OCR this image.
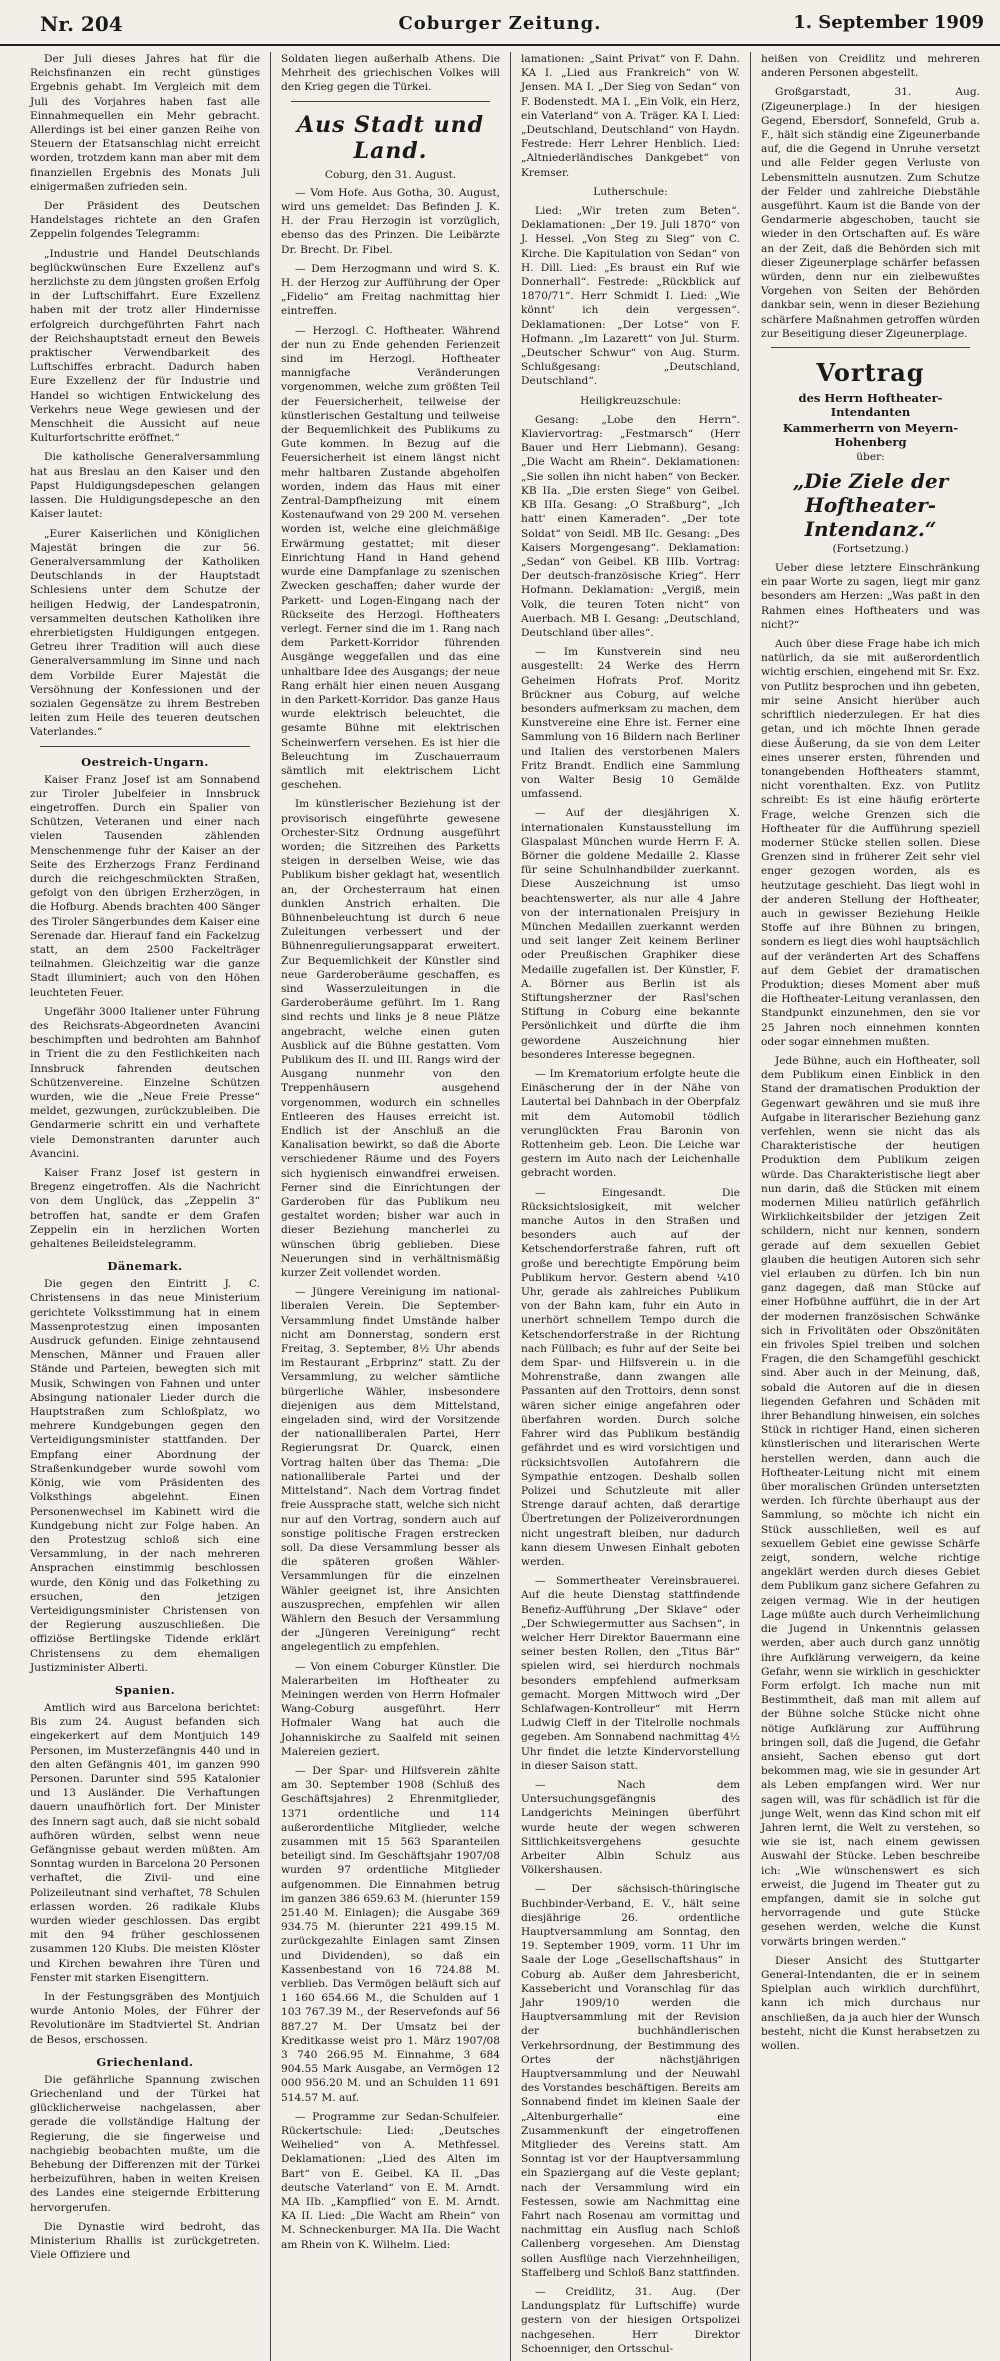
Nr. 204	Coburger Zeitung.	1. September 1909

Der Juli dieses Jahres hat für die Reichsfinanzen ein recht günstiges Ergebnis gehabt. Im Vergleich mit dem Juli des Vorjahres haben fast alle Einnahmequellen ein Mehr gebracht. Allerdings ist bei einer ganzen Reihe von Steuern der Etatsanschlag nicht erreicht worden, trotzdem kann man aber mit dem finanziellen Ergebnis des Monats Juli einigermaßen zufrieden sein.

Der Präsident des Deutschen Handelstages richtete an den Grafen Zeppelin folgendes Telegramm:

„Industrie und Handel Deutschlands beglückwünschen Eure Exzellenz auf's herzlichste zu dem jüngsten großen Erfolg in der Luftschiffahrt. Eure Exzellenz haben mit der trotz aller Hindernisse erfolgreich durchgeführten Fahrt nach der Reichshauptstadt erneut den Beweis praktischer Verwendbarkeit des Luftschiffes erbracht. Dadurch haben Eure Exzellenz der für Industrie und Handel so wichtigen Entwickelung des Verkehrs neue Wege gewiesen und der Menschheit die Aussicht auf neue Kulturfortschritte eröffnet.“

Die katholische Generalversammlung hat aus Breslau an den Kaiser und den Papst Huldigungsdepeschen gelangen lassen. Die Huldigungsdepesche an den Kaiser lautet:

„Eurer Kaiserlichen und Königlichen Majestät bringen die zur 56. Generalversammlung der Katholiken Deutschlands in der Hauptstadt Schlesiens unter dem Schutze der heiligen Hedwig, der Landespatronin, versammelten deutschen Katholiken ihre ehrerbietigsten Huldigungen entgegen. Getreu ihrer Tradition will auch diese Generalversammlung im Sinne und nach dem Vorbilde Eurer Majestät die Versöhnung der Konfessionen und der sozialen Gegensätze zu ihrem Bestreben leiten zum Heile des teueren deutschen Vaterlandes.“

Oestreich-Ungarn.

Kaiser Franz Josef ist am Sonnabend zur Tiroler Jubelfeier in Innsbruck eingetroffen. Durch ein Spalier von Schützen, Veteranen und einer nach vielen Tausenden zählenden Menschenmenge fuhr der Kaiser an der Seite des Erzherzogs Franz Ferdinand durch die reichgeschmückten Straßen, gefolgt von den übrigen Erzherzögen, in die Hofburg. Abends brachten 400 Sänger des Tiroler Sängerbundes dem Kaiser eine Serenade dar. Hierauf fand ein Fackelzug statt, an dem 2500 Fackelträger teilnahmen. Gleichzeitig war die ganze Stadt illuminiert; auch von den Höhen leuchteten Feuer.

Ungefähr 3000 Italiener unter Führung des Reichsrats-Abgeordneten Avancini beschimpften und bedrohten am Bahnhof in Trient die zu den Festlichkeiten nach Innsbruck fahrenden deutschen Schützenvereine. Einzelne Schützen wurden, wie die „Neue Freie Presse“ meldet, gezwungen, zurückzubleiben. Die Gendarmerie schritt ein und verhaftete viele Demonstranten darunter auch Avancini.

Kaiser Franz Josef ist gestern in Bregenz eingetroffen. Als die Nachricht von dem Unglück, das „Zeppelin 3“ betroffen hat, sandte er dem Grafen Zeppelin ein in herzlichen Worten gehaltenes Beileidstelegramm.

Dänemark.

Die gegen den Eintritt J. C. Christensens in das neue Ministerium gerichtete Volksstimmung hat in einem Massenprotestzug einen imposanten Ausdruck gefunden. Einige zehntausend Menschen, Männer und Frauen aller Stände und Parteien, bewegten sich mit Musik, Schwingen von Fahnen und unter Absingung nationaler Lieder durch die Hauptstraßen zum Schloßplatz, wo mehrere Kundgebungen gegen den Verteidigungsminister stattfanden. Der Empfang einer Abordnung der Straßenkundgeber wurde sowohl vom König, wie vom Präsidenten des Volksthings abgelehnt. Einen Personenwechsel im Kabinett wird die Kundgebung nicht zur Folge haben. An den Protestzug schloß sich eine Versammlung, in der nach mehreren Ansprachen einstimmig beschlossen wurde, den König und das Folkething zu ersuchen, den jetzigen Verteidigungsminister Christensen von der Regierung auszuschließen. Die offiziöse Bertlingske Tidende erklärt Christensens zu dem ehemaligen Justizminister Alberti.

Spanien.

Amtlich wird aus Barcelona berichtet: Bis zum 24. August befanden sich eingekerkert auf dem Montjuich 149 Personen, im Musterzefängnis 440 und in den alten Gefängnis 401, im ganzen 990 Personen. Darunter sind 595 Katalonier und 13 Ausländer. Die Verhaftungen dauern unaufhörlich fort. Der Minister des Innern sagt auch, daß sie nicht sobald aufhören würden, selbst wenn neue Gefängnisse gebaut werden müßten. Am Sonntag wurden in Barcelona 20 Personen verhaftet, die Zivil- und eine Polizeileutnant sind verhaftet, 78 Schulen erlassen worden. 26 radikale Klubs wurden wieder geschlossen. Das ergibt mit den 94 früher geschlossenen zusammen 120 Klubs. Die meisten Klöster und Kirchen bewahren ihre Türen und Fenster mit starken Eisengittern.

In der Festungsgräben des Montjuich wurde Antonio Moles, der Führer der Revolutionäre im Stadtviertel St. Andrian de Besos, erschossen.

Griechenland.

Die gefährliche Spannung zwischen Griechenland und der Türkei hat glücklicherweise nachgelassen, aber gerade die vollständige Haltung der Regierung, die sie fingerweise und nachgiebig beobachten mußte, um die Behebung der Differenzen mit der Türkei herbeizuführen, haben in weiten Kreisen des Landes eine steigernde Erbitterung hervorgerufen.

Die Dynastie wird bedroht, das Ministerium Rhallis ist zurückgetreten. Viele Offiziere und

Soldaten liegen außerhalb Athens. Die Mehrheit des griechischen Volkes will den Krieg gegen die Türkei.

Aus Stadt und Land.

Coburg, den 31. August.

— Vom Hofe. Aus Gotha, 30. August, wird uns gemeldet: Das Befinden J. K. H. der Frau Herzogin ist vorzüglich, ebenso das des Prinzen. Die Leibärzte Dr. Brecht. Dr. Fibel.

— Dem Herzogmann und wird S. K. H. der Herzog zur Aufführung der Oper „Fidelio“ am Freitag nachmittag hier eintreffen.

— Herzogl. C. Hoftheater. Während der nun zu Ende gehenden Ferienzeit sind im Herzogl. Hoftheater mannigfache Veränderungen vorgenommen, welche zum größten Teil der Feuersicherheit, teilweise der künstlerischen Gestaltung und teilweise der Bequemlichkeit des Publikums zu Gute kommen. In Bezug auf die Feuersicherheit ist einem längst nicht mehr haltbaren Zustande abgeholfen worden, indem das Haus mit einer Zentral-Dampfheizung mit einem Kostenaufwand von 29 200 M. versehen worden ist, welche eine gleichmäßige Erwärmung gestattet; mit dieser Einrichtung Hand in Hand gehend wurde eine Dampfanlage zu szenischen Zwecken geschaffen; daher wurde der Parkett- und Logen-Eingang nach der Rückseite des Herzogl. Hoftheaters verlegt. Ferner sind die im 1. Rang nach dem Parkett-Korridor führenden Ausgänge weggefallen und das eine unhaltbare Idee des Ausgangs; der neue Rang erhält hier einen neuen Ausgang in den Parkett-Korridor. Das ganze Haus wurde elektrisch beleuchtet, die gesamte Bühne mit elektrischen Scheinwerfern versehen. Es ist hier die Beleuchtung im Zuschauerraum sämtlich mit elektrischem Licht geschehen.

Im künstlerischer Beziehung ist der provisorisch eingeführte gewesene Orchester-Sitz Ordnung ausgeführt worden; die Sitzreihen des Parketts steigen in derselben Weise, wie das Publikum bisher geklagt hat, wesentlich an, der Orchesterraum hat einen dunklen Anstrich erhalten. Die Bühnenbeleuchtung ist durch 6 neue Zuleitungen verbessert und der Bühnenregulierungsapparat erweitert. Zur Bequemlichkeit der Künstler sind neue Garderoberäume geschaffen, es sind Wasserzuleitungen in die Garderoberäume geführt. Im 1. Rang sind rechts und links je 8 neue Plätze angebracht, welche einen guten Ausblick auf die Bühne gestatten. Vom Publikum des II. und III. Rangs wird der Ausgang nunmehr von den Treppenhäusern ausgehend vorgenommen, wodurch ein schnelles Entleeren des Hauses erreicht ist. Endlich ist der Anschluß an die Kanalisation bewirkt, so daß die Aborte verschiedener Räume und des Foyers sich hygienisch einwandfrei erweisen. Ferner sind die Einrichtungen der Garderoben für das Publikum neu gestaltet worden; bisher war auch in dieser Beziehung mancherlei zu wünschen übrig geblieben. Diese Neuerungen sind in verhältnismäßig kurzer Zeit vollendet worden.

— Jüngere Vereinigung im national-liberalen Verein. Die September-Versammlung findet Umstände halber nicht am Donnerstag, sondern erst Freitag, 3. September, 8½ Uhr abends im Restaurant „Erbprinz“ statt. Zu der Versammlung, zu welcher sämtliche bürgerliche Wähler, insbesondere diejenigen aus dem Mittelstand, eingeladen sind, wird der Vorsitzende der nationalliberalen Partei, Herr Regierungsrat Dr. Quarck, einen Vortrag halten über das Thema: „Die nationalliberale Partei und der Mittelstand“. Nach dem Vortrag findet freie Aussprache statt, welche sich nicht nur auf den Vortrag, sondern auch auf sonstige politische Fragen erstrecken soll. Da diese Versammlung besser als die späteren großen Wähler-Versammlungen für die einzelnen Wähler geeignet ist, ihre Ansichten auszusprechen, empfehlen wir allen Wählern den Besuch der Versammlung der „Jüngeren Vereinigung“ recht angelegentlich zu empfehlen.

— Von einem Coburger Künstler. Die Malerarbeiten im Hoftheater zu Meiningen werden von Herrn Hofmaler Wang-Coburg ausgeführt. Herr Hofmaler Wang hat auch die Johanniskirche zu Saalfeld mit seinen Malereien geziert.

— Der Spar- und Hilfsverein zählte am 30. September 1908 (Schluß des Geschäftsjahres) 2 Ehrenmitglieder, 1371 ordentliche und 114 außerordentliche Mitglieder, welche zusammen mit 15 563 Sparanteilen beteiligt sind. Im Geschäftsjahr 1907/08 wurden 97 ordentliche Mitglieder aufgenommen. Die Einnahmen betrug im ganzen 386 659.63 M. (hierunter 159 251.40 M. Einlagen); die Ausgabe 369 934.75 M. (hierunter 221 499.15 M. zurückgezahlte Einlagen samt Zinsen und Dividenden), so daß ein Kassenbestand von 16 724.88 M. verblieb. Das Vermögen beläuft sich auf 1 160 654.66 M., die Schulden auf 1 103 767.39 M., der Reservefonds auf 56 887.27 M. Der Umsatz bei der Kreditkasse weist pro 1. März 1907/08 3 740 266.95 M. Einnahme, 3 684 904.55 Mark Ausgabe, an Vermögen 12 000 956.20 M. und an Schulden 11 691 514.57 M. auf.

— Programme zur Sedan-Schulfeier. Rückertschule: Lied: „Deutsches Weihelied“ von A. Methfessel. Deklamationen: „Lied des Alten im Bart“ von E. Geibel. KA II. „Das deutsche Vaterland“ von E. M. Arndt. MA IIb. „Kampflied“ von E. M. Arndt. KA II. Lied: „Die Wacht am Rhein“ von M. Schneckenburger. MA IIa. Die Wacht am Rhein von K. Wilhelm. Lied:

lamationen: „Saint Privat“ von F. Dahn. KA I. „Lied aus Frankreich“ von W. Jensen. MA I. „Der Sieg von Sedan“ von F. Bodenstedt. MA I. „Ein Volk, ein Herz, ein Vaterland“ von A. Träger. KA I. Lied: „Deutschland, Deutschland“ von Haydn. Festrede: Herr Lehrer Henblich. Lied: „Altniederländisches Dankgebet“ von Kremser.

Lutherschule:

Lied: „Wir treten zum Beten“. Deklamationen: „Der 19. Juli 1870“ von J. Hessel. „Von Steg zu Sieg“ von C. Kirche. Die Kapitulation von Sedan“ von H. Dill. Lied: „Es braust ein Ruf wie Donnerhall“. Festrede: „Rückblick auf 1870/71“. Herr Schmidt I. Lied: „Wie könnt' ich dein vergessen“. Deklamationen: „Der Lotse“ von F. Hofmann. „Im Lazarett“ von Jul. Sturm. „Deutscher Schwur“ von Aug. Sturm. Schlußgesang: „Deutschland, Deutschland“.

Heiligkreuzschule:

Gesang: „Lobe den Herrn“. Klaviervortrag: „Festmarsch“ (Herr Bauer und Herr Liebmann). Gesang: „Die Wacht am Rhein“. Deklamationen: „Sie sollen ihn nicht haben“ von Becker. KB IIa. „Die ersten Siege“ von Geibel. KB IIIa. Gesang: „O Straßburg“, „Ich hatt' einen Kameraden“. „Der tote Soldat“ von Seidl. MB IIc. Gesang: „Des Kaisers Morgengesang“. Deklamation: „Sedan“ von Geibel. KB IIIb. Vortrag: Der deutsch-französische Krieg“. Herr Hofmann. Deklamation: „Vergiß, mein Volk, die teuren Toten nicht“ von Auerbach. MB I. Gesang: „Deutschland, Deutschland über alles“.

— Im Kunstverein sind neu ausgestellt: 24 Werke des Herrn Geheimen Hofrats Prof. Moritz Brückner aus Coburg, auf welche besonders aufmerksam zu machen, dem Kunstvereine eine Ehre ist. Ferner eine Sammlung von 16 Bildern nach Berliner und Italien des verstorbenen Malers Fritz Brandt. Endlich eine Sammlung von Walter Besig 10 Gemälde umfassend.

— Auf der diesjährigen X. internationalen Kunstausstellung im Glaspalast München wurde Herrn F. A. Börner die goldene Medaille 2. Klasse für seine Schulnhandbilder zuerkannt. Diese Auszeichnung ist umso beachtenswerter, als nur alle 4 Jahre von der internationalen Preisjury in München Medaillen zuerkannt werden und seit langer Zeit keinem Berliner oder Preußischen Graphiker diese Medaille zugefallen ist. Der Künstler, F. A. Börner aus Berlin ist als Stiftungsherzner der Rasl'schen Stiftung in Coburg eine bekannte Persönlichkeit und dürfte die ihm gewordene Auszeichnung hier besonderes Interesse begegnen.

— Im Krematorium erfolgte heute die Einäscherung der in der Nähe von Lautertal bei Dahnbach in der Oberpfalz mit dem Automobil tödlich verunglückten Frau Baronin von Rottenheim geb. Leon. Die Leiche war gestern im Auto nach der Leichenhalle gebracht worden.

— Eingesandt. Die Rücksichtslosigkeit, mit welcher manche Autos in den Straßen und besonders auch auf der Ketschendorferstraße fahren, ruft oft große und berechtigte Empörung beim Publikum hervor. Gestern abend ¼10 Uhr, gerade als zahlreiches Publikum von der Bahn kam, fuhr ein Auto in unerhört schnellem Tempo durch die Ketschendorferstraße in der Richtung nach Füllbach; es fuhr auf der Seite bei dem Spar- und Hilfsverein u. in die Mohrenstraße, dann zwangen alle Passanten auf den Trottoirs, denn sonst wären sicher einige angefahren oder überfahren worden. Durch solche Fahrer wird das Publikum beständig gefährdet und es wird vorsichtigen und rücksichtsvollen Autofahrern die Sympathie entzogen. Deshalb sollen Polizei und Schutzleute mit aller Strenge darauf achten, daß derartige Übertretungen der Polizeiverordnungen nicht ungestraft bleiben, nur dadurch kann diesem Unwesen Einhalt geboten werden.

— Sommertheater Vereinsbrauerei. Auf die heute Dienstag stattfindende Benefiz-Aufführung „Der Sklave“ oder „Der Schwiegermutter aus Sachsen“, in welcher Herr Direktor Bauermann eine seiner besten Rollen, den „Titus Bär“ spielen wird, sei hierdurch nochmals besonders empfehlend aufmerksam gemacht. Morgen Mittwoch wird „Der Schlafwagen-Kontrolleur“ mit Herrn Ludwig Cleff in der Titelrolle nochmals gegeben. Am Sonnabend nachmittag 4½ Uhr findet die letzte Kindervorstellung in dieser Saison statt.

— Nach dem Untersuchungsgefängnis des Landgerichts Meiningen überführt wurde heute der wegen schweren Sittlichkeitsvergehens gesuchte Arbeiter Albin Schulz aus Völkershausen.

— Der sächsisch-thüringische Buchbinder-Verband, E. V., hält seine diesjährige 26. ordentliche Hauptversammlung am Sonntag, den 19. September 1909, vorm. 11 Uhr im Saale der Loge „Gesellschaftshaus“ in Coburg ab. Außer dem Jahresbericht, Kassebericht und Voranschlag für das Jahr 1909/10 werden die Hauptversammlung mit der Revision der buchhändlerischen Verkehrsordnung, der Bestimmung des Ortes der nächstjährigen Hauptversammlung und der Neuwahl des Vorstandes beschäftigen. Bereits am Sonnabend findet im kleinen Saale der „Altenburgerhalle“ eine Zusammenkunft der eingetroffenen Mitglieder des Vereins statt. Am Sonntag ist vor der Hauptversammlung ein Spaziergang auf die Veste geplant; nach der Versammlung wird ein Festessen, sowie am Nachmittag eine Fahrt nach Rosenau am vormittag und nachmittag ein Ausflug nach Schloß Callenberg vorgesehen. Am Dienstag sollen Ausflüge nach Vierzehnheiligen, Staffelberg und Schloß Banz stattfinden.

— Creidlitz, 31. Aug. (Der Landungsplatz für Luftschiffe) wurde gestern von der hiesigen Ortspolizei nachgesehen. Herr Direktor Schoenniger, den Ortsschul-

heißen von Creidlitz und mehreren anderen Personen abgestellt.

Großgarstadt, 31. Aug. (Zigeunerplage.) In der hiesigen Gegend, Ebersdorf, Sonnefeld, Grub a. F., hält sich ständig eine Zigeunerbande auf, die die Gegend in Unruhe versetzt und alle Felder gegen Verluste von Lebensmitteln ausnutzen. Zum Schutze der Felder und zahlreiche Diebstähle ausgeführt. Kaum ist die Bande von der Gendarmerie abgeschoben, taucht sie wieder in den Ortschaften auf. Es wäre an der Zeit, daß die Behörden sich mit dieser Zigeunerplage schärfer befassen würden, denn nur ein zielbewußtes Vorgehen von Seiten der Behörden dankbar sein, wenn in dieser Beziehung schärfere Maßnahmen getroffen würden zur Beseitigung dieser Zigeunerplage.

Vortrag
des Herrn Hoftheater-Intendanten
Kammerherrn von Meyern-Hohenberg
über:
„Die Ziele der Hoftheater-Intendanz.“
(Fortsetzung.)

Ueber diese letztere Einschränkung ein paar Worte zu sagen, liegt mir ganz besonders am Herzen: „Was paßt in den Rahmen eines Hoftheaters und was nicht?“

Auch über diese Frage habe ich mich natürlich, da sie mit außerordentlich wichtig erschien, eingehend mit Sr. Exz. von Putlitz besprochen und ihn gebeten, mir seine Ansicht hierüber auch schriftlich niederzulegen. Er hat dies getan, und ich möchte Ihnen gerade diese Äußerung, da sie von dem Leiter eines unserer ersten, führenden und tonangebenden Hoftheaters stammt, nicht vorenthalten. Exz. von Putlitz schreibt: Es ist eine häufig erörterte Frage, welche Grenzen sich die Hoftheater für die Aufführung speziell moderner Stücke stellen sollen. Diese Grenzen sind in früherer Zeit sehr viel enger gezogen worden, als es heutzutage geschieht. Das liegt wohl in der anderen Stellung der Hoftheater, auch in gewisser Beziehung Heikle Stoffe auf ihre Bühnen zu bringen, sondern es liegt dies wohl hauptsächlich auf der veränderten Art des Schaffens auf dem Gebiet der dramatischen Produktion; dieses Moment aber muß die Hoftheater-Leitung veranlassen, den Standpunkt einzunehmen, den sie vor 25 Jahren noch einnehmen konnten oder sogar einnehmen mußten.

Jede Bühne, auch ein Hoftheater, soll dem Publikum einen Einblick in den Stand der dramatischen Produktion der Gegenwart gewähren und sie muß ihre Aufgabe in literarischer Beziehung ganz verfehlen, wenn sie nicht das als Charakteristische der heutigen Produktion dem Publikum zeigen würde. Das Charakteristische liegt aber nun darin, daß die Stücken mit einem modernen Milieu natürlich gefährlich Wirklichkeitsbilder der jetzigen Zeit schildern, nicht nur kennen, sondern gerade auf dem sexuellen Gebiet glauben die heutigen Autoren sich sehr viel erlauben zu dürfen. Ich bin nun ganz dagegen, daß man Stücke auf einer Hofbühne aufführt, die in der Art der modernen französischen Schwänke sich in Frivolitäten oder Obszönitäten ein frivoles Spiel treiben und solchen Fragen, die den Schamgefühl geschickt sind. Aber auch in der Meinung, daß, sobald die Autoren auf die in diesen liegenden Gefahren und Schäden mit ihrer Behandlung hinweisen, ein solches Stück in richtiger Hand, einen sicheren künstlerischen und literarischen Werte herstellen werden, dann auch die Hoftheater-Leitung nicht mit einem über moralischen Gründen untersetzten werden. Ich fürchte überhaupt aus der Sammlung, so möchte ich nicht ein Stück ausschließen, weil es auf sexuellem Gebiet eine gewisse Schärfe zeigt, sondern, welche richtige angeklärt werden durch dieses Gebiet dem Publikum ganz sichere Gefahren zu zeigen vermag. Wie in der heutigen Lage müßte auch durch Verheimlichung die Jugend in Unkenntnis gelassen werden, aber auch durch ganz unnötig ihre Aufklärung verweigern, da keine Gefahr, wenn sie wirklich in geschickter Form erfolgt. Ich mache nun mit Bestimmtheit, daß man mit allem auf der Bühne solche Stücke nicht ohne nötige Aufklärung zur Aufführung bringen soll, daß die Jugend, die Gefahr ansieht, Sachen ebenso gut dort bekommen mag, wie sie in gesunder Art als Leben empfangen wird. Wer nur sagen will, was für schädlich ist für die junge Welt, wenn das Kind schon mit elf Jahren lernt, die Welt zu verstehen, so wie sie ist, nach einem gewissen Auswahl der Stücke. Leben beschreibe ich: „Wie wünschenswert es sich erweist, die Jugend im Theater gut zu empfangen, damit sie in solche gut hervorragende und gute Stücke gesehen werden, welche die Kunst vorwärts bringen werden.“

Dieser Ansicht des Stuttgarter General-Intendanten, die er in seinem Spielplan auch wirklich durchführt, kann ich mich durchaus nur anschließen, da ja auch hier der Wunsch besteht, nicht die Kunst herabsetzen zu wollen.
